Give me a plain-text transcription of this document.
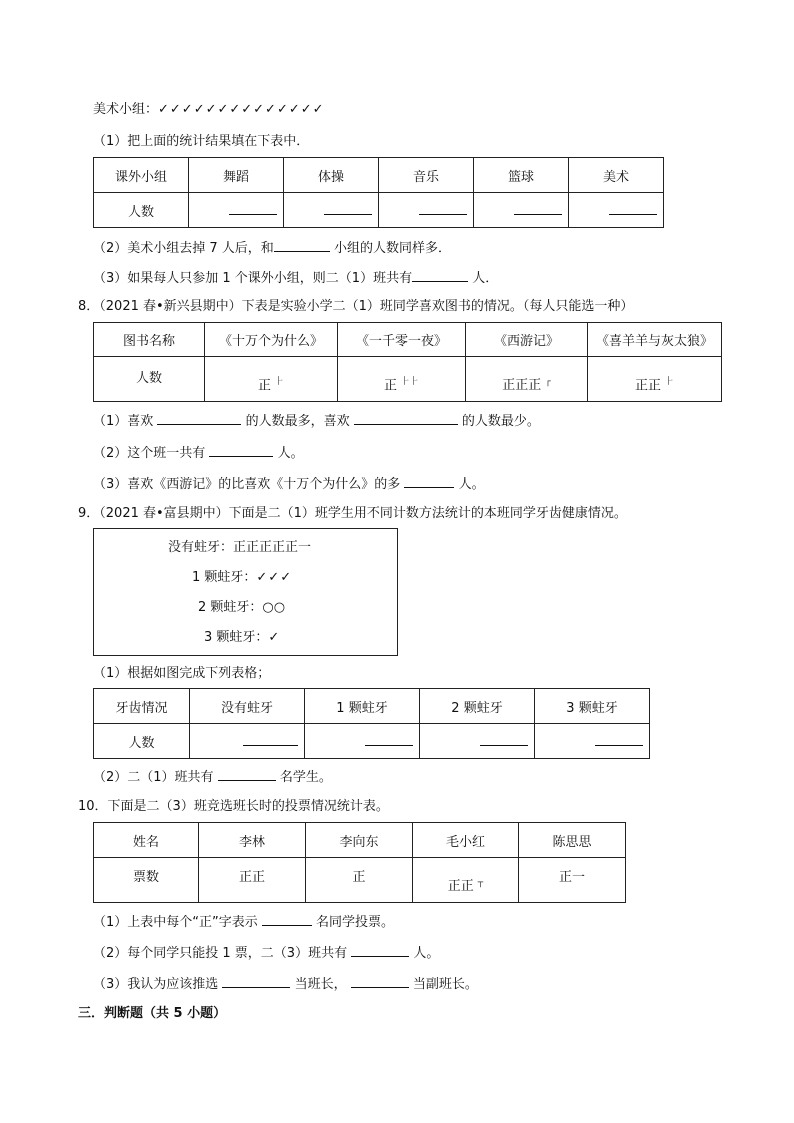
美术小组：✓✓✓✓✓✓✓✓✓✓✓✓✓✓
（1）把上面的统计结果填在下表中．
课外小组	舞蹈	体操	音乐	篮球	美术
人数					
（2）美术小组去掉 7 人后，和	小组的人数同样多．
（3）如果每人只参加 1 个课外小组，则二（1）班共有	人．
8．（2021 春•新兴县期中）下表是实验小学二（1）班同学喜欢图书的情况。（每人只能选一种）
图书名称	《十万个为什么》	《一千零一夜》	《西游记》	《喜羊羊与灰太狼》
人数	正 ⺊	正 ⺊⺊	正正正 ┌	正正 ⺊
（1）喜欢	的人数最多，喜欢	的人数最少。
（2）这个班一共有	人。
（3）喜欢《西游记》的比喜欢《十万个为什么》的多	人。
9．（2021 春•富县期中）下面是二（1）班学生用不同计数方法统计的本班同学牙齿健康情况。
没有蛀牙：正正正正正一
1 颗蛀牙：✓✓✓
2 颗蛀牙：○○
3 颗蛀牙：✓
（1）根据如图完成下列表格；
牙齿情况	没有蛀牙	1 颗蛀牙	2 颗蛀牙	3 颗蛀牙
人数				
（2）二（1）班共有	名学生。
10．下面是二（3）班竞选班长时的投票情况统计表。
姓名	李林	李向东	毛小红	陈思思
票数	正正	正	正正 ┬	正一
（1）上表中每个“正”字表示	名同学投票。
（2）每个同学只能投 1 票，二（3）班共有	人。
（3）我认为应该推选	当班长，	当副班长。
三．判断题（共 5 小题）
